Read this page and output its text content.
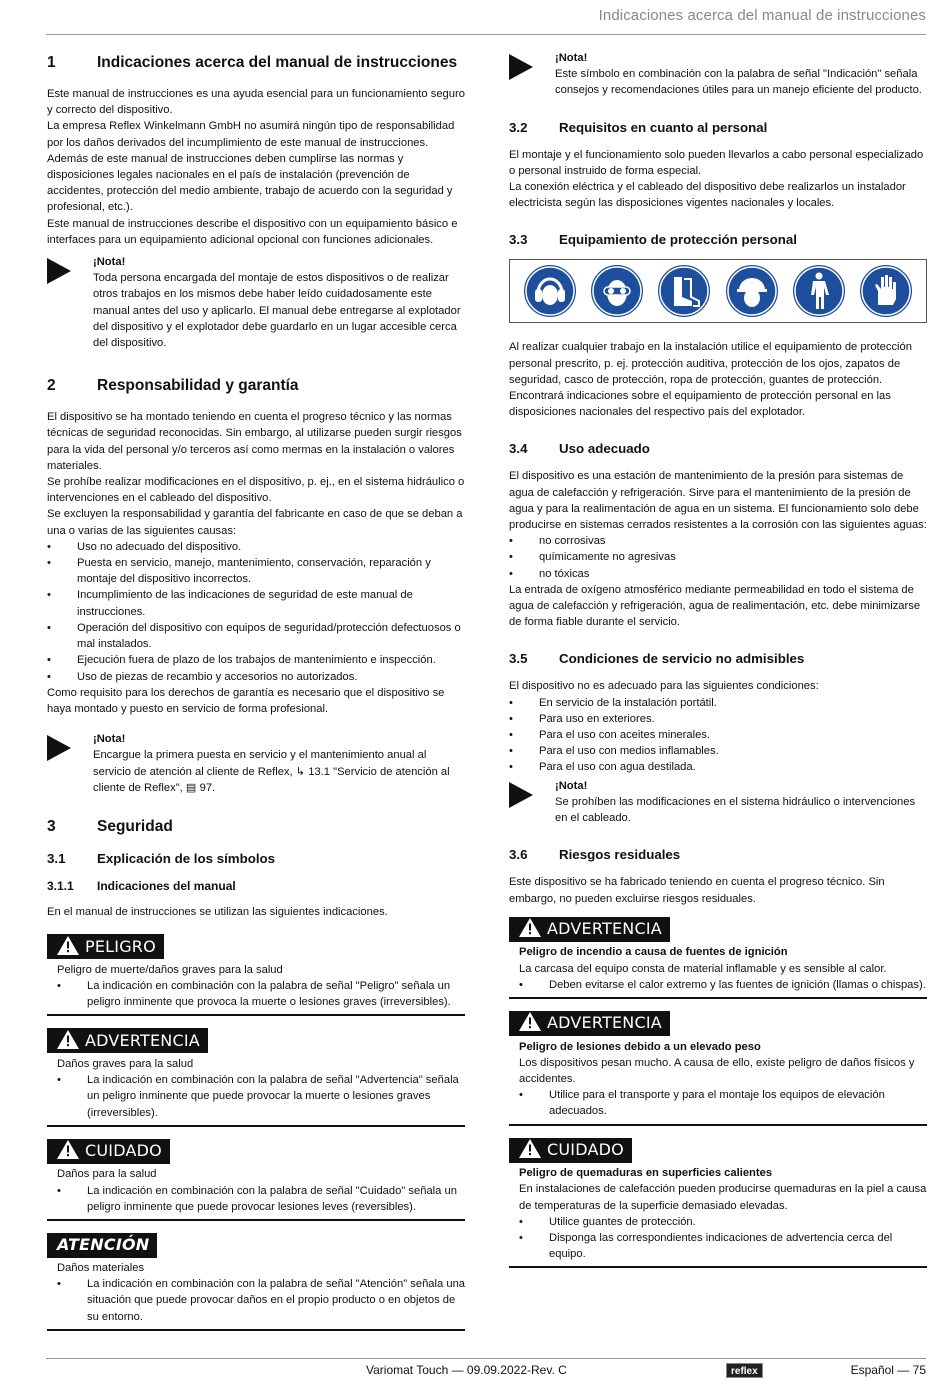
Indicaciones acerca del manual de instrucciones
1	Indicaciones acerca del manual de instrucciones

Este manual de instrucciones es una ayuda esencial para un funcionamiento seguro y correcto del dispositivo.

La empresa Reflex Winkelmann GmbH no asumirá ningún tipo de responsabilidad por los daños derivados del incumplimiento de este manual de instrucciones. Además de este manual de instrucciones deben cumplirse las normas y disposiciones legales nacionales en el país de instalación (prevención de accidentes, protección del medio ambiente, trabajo de acuerdo con la seguridad y profesional, etc.).

Este manual de instrucciones describe el dispositivo con un equipamiento básico e interfaces para un equipamiento adicional opcional con funciones adicionales.

¡Nota!

Toda persona encargada del montaje de estos dispositivos o de realizar otros trabajos en los mismos debe haber leído cuidadosamente este manual antes del uso y aplicarlo. El manual debe entregarse al explotador del dispositivo y el explotador debe guardarlo en un lugar accesible cerca del dispositivo.

2	Responsabilidad y garantía

El dispositivo se ha montado teniendo en cuenta el progreso técnico y las normas técnicas de seguridad reconocidas. Sin embargo, al utilizarse pueden surgir riesgos para la vida del personal y/o terceros así como mermas en la instalación o valores materiales.

Se prohíbe realizar modificaciones en el dispositivo, p. ej., en el sistema hidráulico o intervenciones en el cableado del dispositivo.

Se excluyen la responsabilidad y garantía del fabricante en caso de que se deban a una o varias de las siguientes causas:

• Uso no adecuado del dispositivo.
• Puesta en servicio, manejo, mantenimiento, conservación, reparación y montaje del dispositivo incorrectos.
• Incumplimiento de las indicaciones de seguridad de este manual de instrucciones.
• Operación del dispositivo con equipos de seguridad/protección defectuosos o mal instalados.
• Ejecución fuera de plazo de los trabajos de mantenimiento e inspección.
• Uso de piezas de recambio y accesorios no autorizados.

Como requisito para los derechos de garantía es necesario que el dispositivo se haya montado y puesto en servicio de forma profesional.

¡Nota!

Encargue la primera puesta en servicio y el mantenimiento anual al servicio de atención al cliente de Reflex, ↳ 13.1 "Servicio de atención al cliente de Reflex", ▤ 97.

3	Seguridad
3.1	Explicación de los símbolos
3.1.1	Indicaciones del manual

En el manual de instrucciones se utilizan las siguientes indicaciones.

PELIGRO

Peligro de muerte/daños graves para la salud

• La indicación en combinación con la palabra de señal "Peligro" señala un peligro inminente que provoca la muerte o lesiones graves (irreversibles).
ADVERTENCIA

Daños graves para la salud

• La indicación en combinación con la palabra de señal "Advertencia" señala un peligro inminente que puede provocar la muerte o lesiones graves (irreversibles).
CUIDADO

Daños para la salud

• La indicación en combinación con la palabra de señal "Cuidado" señala un peligro inminente que puede provocar lesiones leves (reversibles).
ATENCIÓN

Daños materiales

• La indicación en combinación con la palabra de señal "Atención" señala una situación que puede provocar daños en el propio producto o en objetos de su entorno.
¡Nota!

Este símbolo en combinación con la palabra de señal "Indicación" señala consejos y recomendaciones útiles para un manejo eficiente del producto.

3.2	Requisitos en cuanto al personal

El montaje y el funcionamiento solo pueden llevarlos a cabo personal especializado o personal instruido de forma especial.

La conexión eléctrica y el cableado del dispositivo debe realizarlos un instalador electricista según las disposiciones vigentes nacionales y locales.

3.3	Equipamiento de protección personal

Al realizar cualquier trabajo en la instalación utilice el equipamiento de protección personal prescrito, p. ej. protección auditiva, protección de los ojos, zapatos de seguridad, casco de protección, ropa de protección, guantes de protección.

Encontrará indicaciones sobre el equipamiento de protección personal en las disposiciones nacionales del respectivo país del explotador.

3.4	Uso adecuado

El dispositivo es una estación de mantenimiento de la presión para sistemas de agua de calefacción y refrigeración. Sirve para el mantenimiento de la presión de agua y para la realimentación de agua en un sistema. El funcionamiento solo debe producirse en sistemas cerrados resistentes a la corrosión con las siguientes aguas:

• no corrosivas
• químicamente no agresivas
• no tóxicas

La entrada de oxígeno atmosférico mediante permeabilidad en todo el sistema de agua de calefacción y refrigeración, agua de realimentación, etc. debe minimizarse de forma fiable durante el servicio.

3.5	Condiciones de servicio no admisibles

El dispositivo no es adecuado para las siguientes condiciones:

• En servicio de la instalación portátil.
• Para uso en exteriores.
• Para el uso con aceites minerales.
• Para el uso con medios inflamables.
• Para el uso con agua destilada.
¡Nota!

Se prohíben las modificaciones en el sistema hidráulico o intervenciones en el cableado.

3.6	Riesgos residuales

Este dispositivo se ha fabricado teniendo en cuenta el progreso técnico. Sin embargo, no pueden excluirse riesgos residuales.

ADVERTENCIA

Peligro de incendio a causa de fuentes de ignición

La carcasa del equipo consta de material inflamable y es sensible al calor.

• Deben evitarse el calor extremo y las fuentes de ignición (llamas o chispas).
ADVERTENCIA

Peligro de lesiones debido a un elevado peso

Los dispositivos pesan mucho. A causa de ello, existe peligro de daños físicos y accidentes.

• Utilice para el transporte y para el montaje los equipos de elevación adecuados.
CUIDADO

Peligro de quemaduras en superficies calientes

En instalaciones de calefacción pueden producirse quemaduras en la piel a causa de temperaturas de la superficie demasiado elevadas.

• Utilice guantes de protección.
• Disponga las correspondientes indicaciones de advertencia cerca del equipo.
Variomat Touch — 09.09.2022-Rev. C	reflex	Español — 75
